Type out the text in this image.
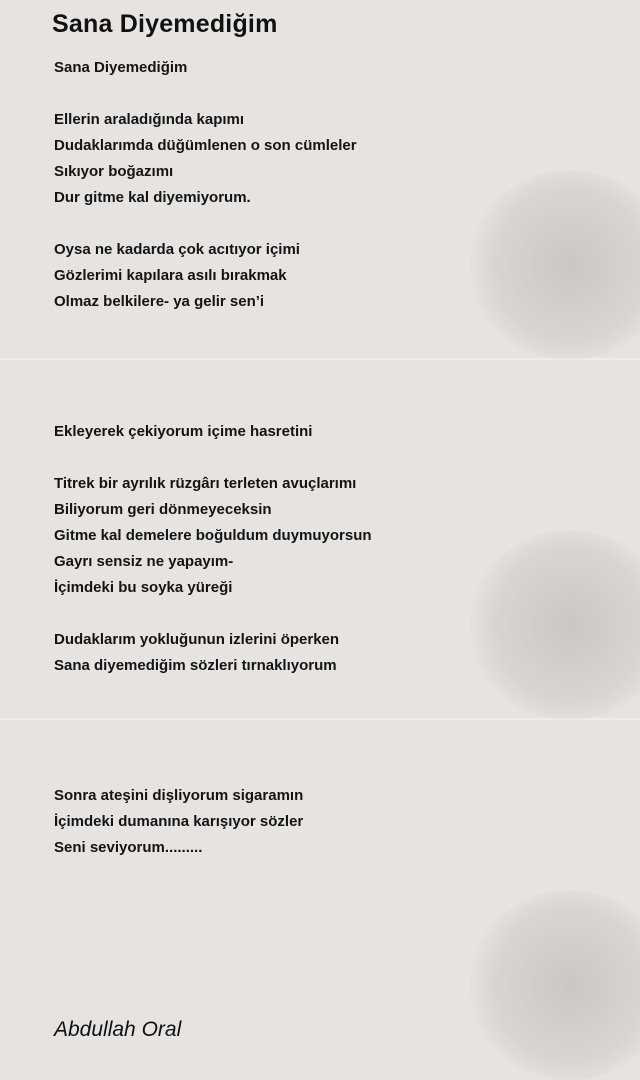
Sana Diyemediğim
Sana Diyemediğim
Ellerin araladığında kapımı
Dudaklarımda düğümlenen o son cümleler
Sıkıyor boğazımı
Dur gitme kal diyemiyorum.
Oysa ne kadarda çok acıtıyor içimi
Gözlerimi kapılara asılı bırakmak
Olmaz belkilere- ya gelir sen’i
Ekleyerek çekiyorum içime hasretini
Titrek bir ayrılık rüzgârı terleten avuçlarımı
Biliyorum geri dönmeyeceksin
Gitme kal demelere boğuldum duymuyorsun
Gayrı sensiz ne yapayım-
İçimdeki bu soyka yüreği
Dudaklarım yokluğunun izlerini öperken
Sana diyemediğim sözleri tırnaklıyorum
Sonra ateşini dişliyorum sigaramın
İçimdeki dumanına karışıyor sözler
Seni seviyorum.........
Abdullah Oral
